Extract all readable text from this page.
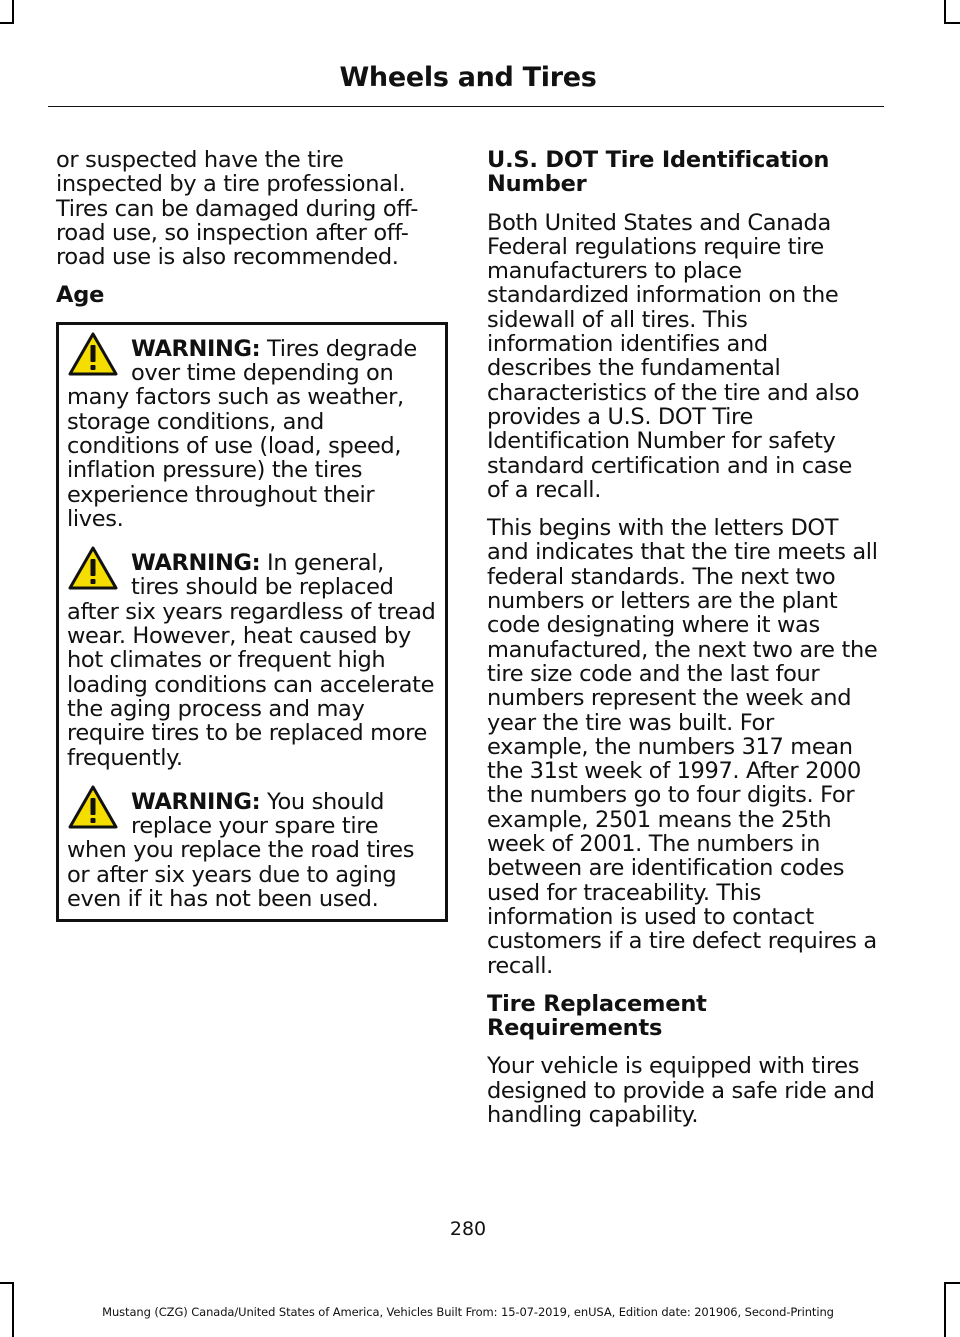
Wheels and Tires

or suspected have the tire inspected by a tire professional. Tires can be damaged during off-road use, so inspection after off-road use is also recommended.

Age
WARNING: Tires degrade over time depending on many factors such as weather, storage conditions, and conditions of use (load, speed, inflation pressure) the tires experience throughout their lives.
WARNING: In general, tires should be replaced after six years regardless of tread wear. However, heat caused by hot climates or frequent high loading conditions can accelerate the aging process and may require tires to be replaced more frequently.
WARNING: You should replace your spare tire when you replace the road tires or after six years due to aging even if it has not been used.
U.S. DOT Tire Identification Number

Both United States and Canada Federal regulations require tire manufacturers to place standardized information on the sidewall of all tires. This information identifies and describes the fundamental characteristics of the tire and also provides a U.S. DOT Tire Identification Number for safety standard certification and in case of a recall.

This begins with the letters DOT and indicates that the tire meets all federal standards. The next two numbers or letters are the plant code designating where it was manufactured, the next two are the tire size code and the last four numbers represent the week and year the tire was built. For example, the numbers 317 mean the 31st week of 1997. After 2000 the numbers go to four digits. For example, 2501 means the 25th week of 2001. The numbers in between are identification codes used for traceability. This information is used to contact customers if a tire defect requires a recall.

Tire Replacement Requirements

Your vehicle is equipped with tires designed to provide a safe ride and handling capability.

280
Mustang (CZG) Canada/United States of America, Vehicles Built From: 15-07-2019, enUSA, Edition date: 201906, Second-Printing
